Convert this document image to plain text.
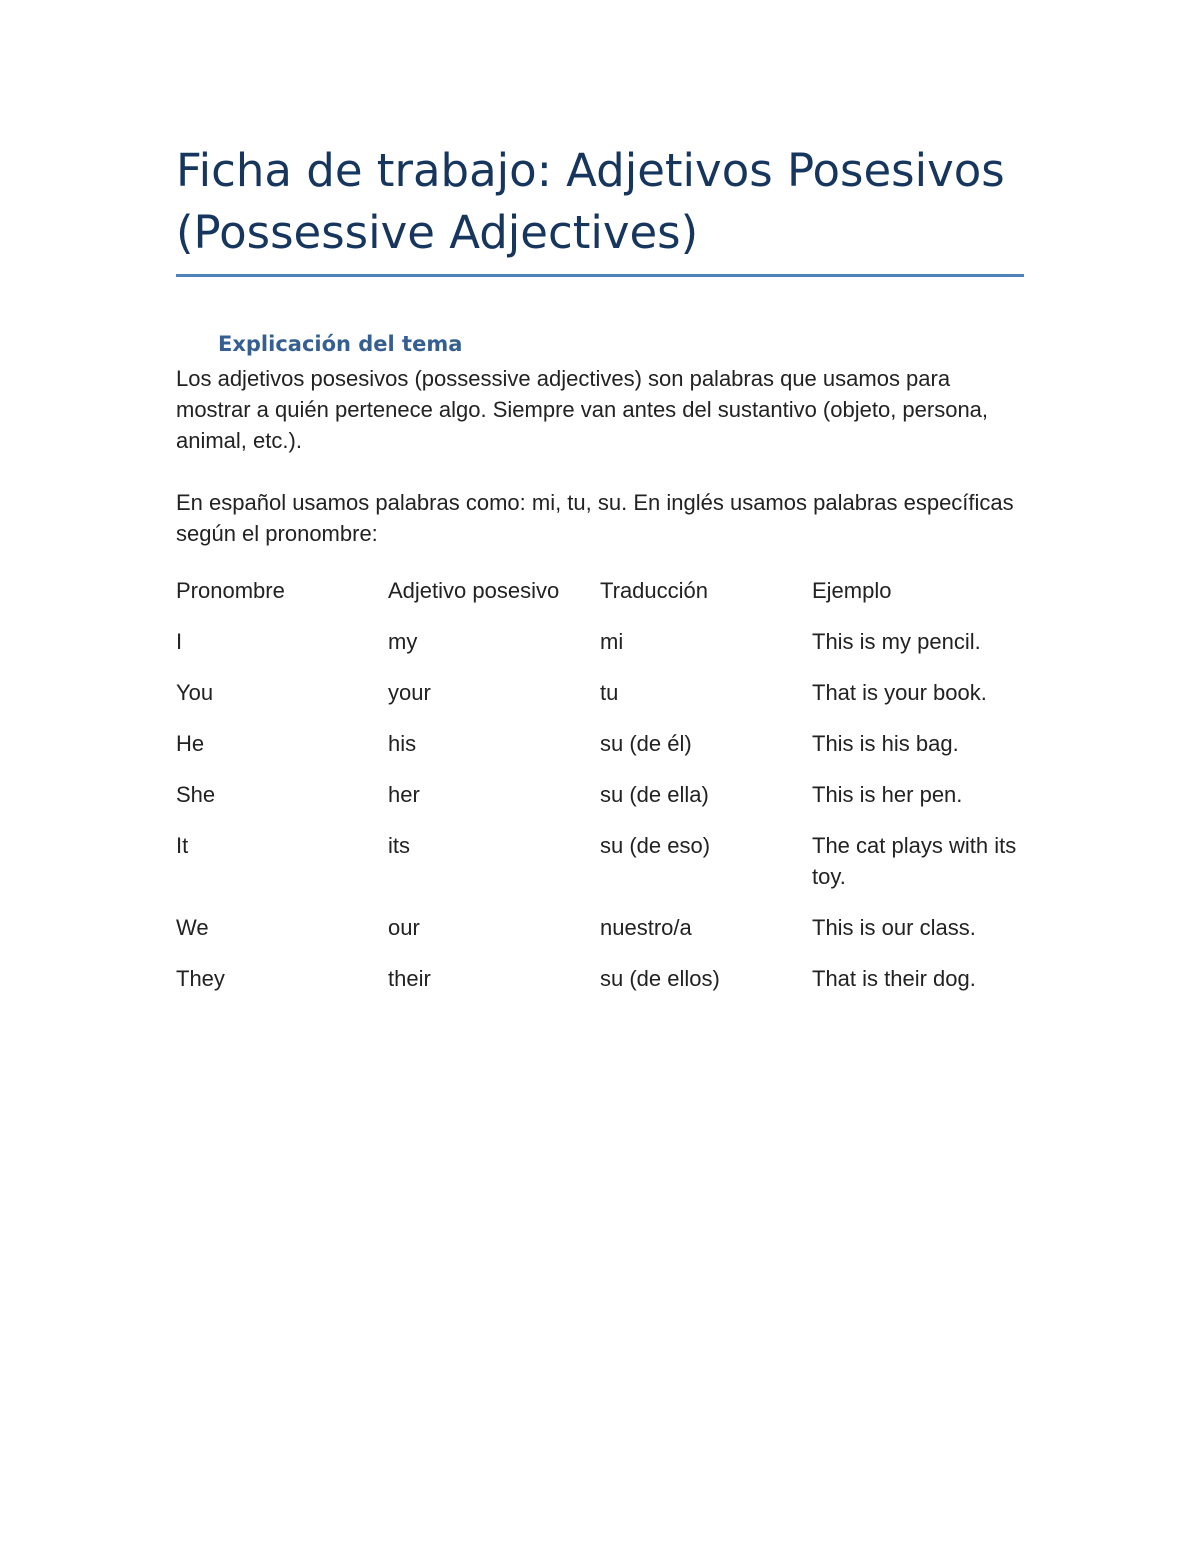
Ficha de trabajo: Adjetivos Posesivos (Possessive Adjectives)
Explicación del tema

Los adjetivos posesivos (possessive adjectives) son palabras que usamos para mostrar a quién pertenece algo. Siempre van antes del sustantivo (objeto, persona, animal, etc.).

En español usamos palabras como: mi, tu, su. En inglés usamos palabras específicas según el pronombre:

Pronombre	Adjetivo posesivo	Traducción	Ejemplo
I	my	mi	This is my pencil.
You	your	tu	That is your book.
He	his	su (de él)	This is his bag.
She	her	su (de ella)	This is her pen.
It	its	su (de eso)	The cat plays with its toy.
We	our	nuestro/a	This is our class.
They	their	su (de ellos)	That is their dog.
